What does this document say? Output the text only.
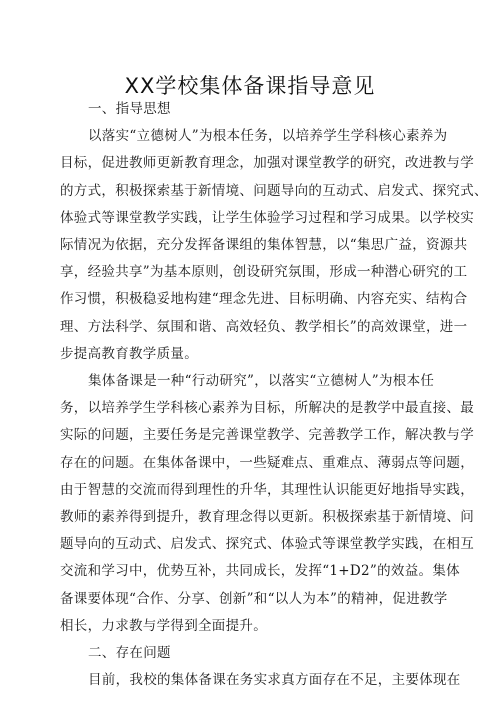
XX学校集体备课指导意见
一、指导思想
以落实“立德树人”为根本任务，以培养学生学科核心素养为
目标，促进教师更新教育理念，加强对课堂教学的研究，改进教与学
的方式，积极探索基于新情境、问题导向的互动式、启发式、探究式、
体验式等课堂教学实践，让学生体验学习过程和学习成果。以学校实
际情况为依据，充分发挥备课组的集体智慧，以“集思广益，资源共
享，经验共享”为基本原则，创设研究氛围，形成一种潜心研究的工
作习惯，积极稳妥地构建“理念先进、目标明确、内容充实、结构合
理、方法科学、氛围和谐、高效轻负、教学相长”的高效课堂，进一
步提高教育教学质量。
集体备课是一种“行动研究”，以落实“立德树人”为根本任
务，以培养学生学科核心素养为目标，所解决的是教学中最直接、最
实际的问题，主要任务是完善课堂教学、完善教学工作，解决教与学
存在的问题。在集体备课中，一些疑难点、重难点、薄弱点等问题，
由于智慧的交流而得到理性的升华，其理性认识能更好地指导实践，
教师的素养得到提升，教育理念得以更新。积极探索基于新情境、问
题导向的互动式、启发式、探究式、体验式等课堂教学实践，在相互
交流和学习中，优势互补，共同成长，发挥“1+D2”的效益。集体
备课要体现“合作、分享、创新”和“以人为本”的精神，促进教学
相长，力求教与学得到全面提升。
二、存在问题
目前，我校的集体备课在务实求真方面存在不足，主要体现在
